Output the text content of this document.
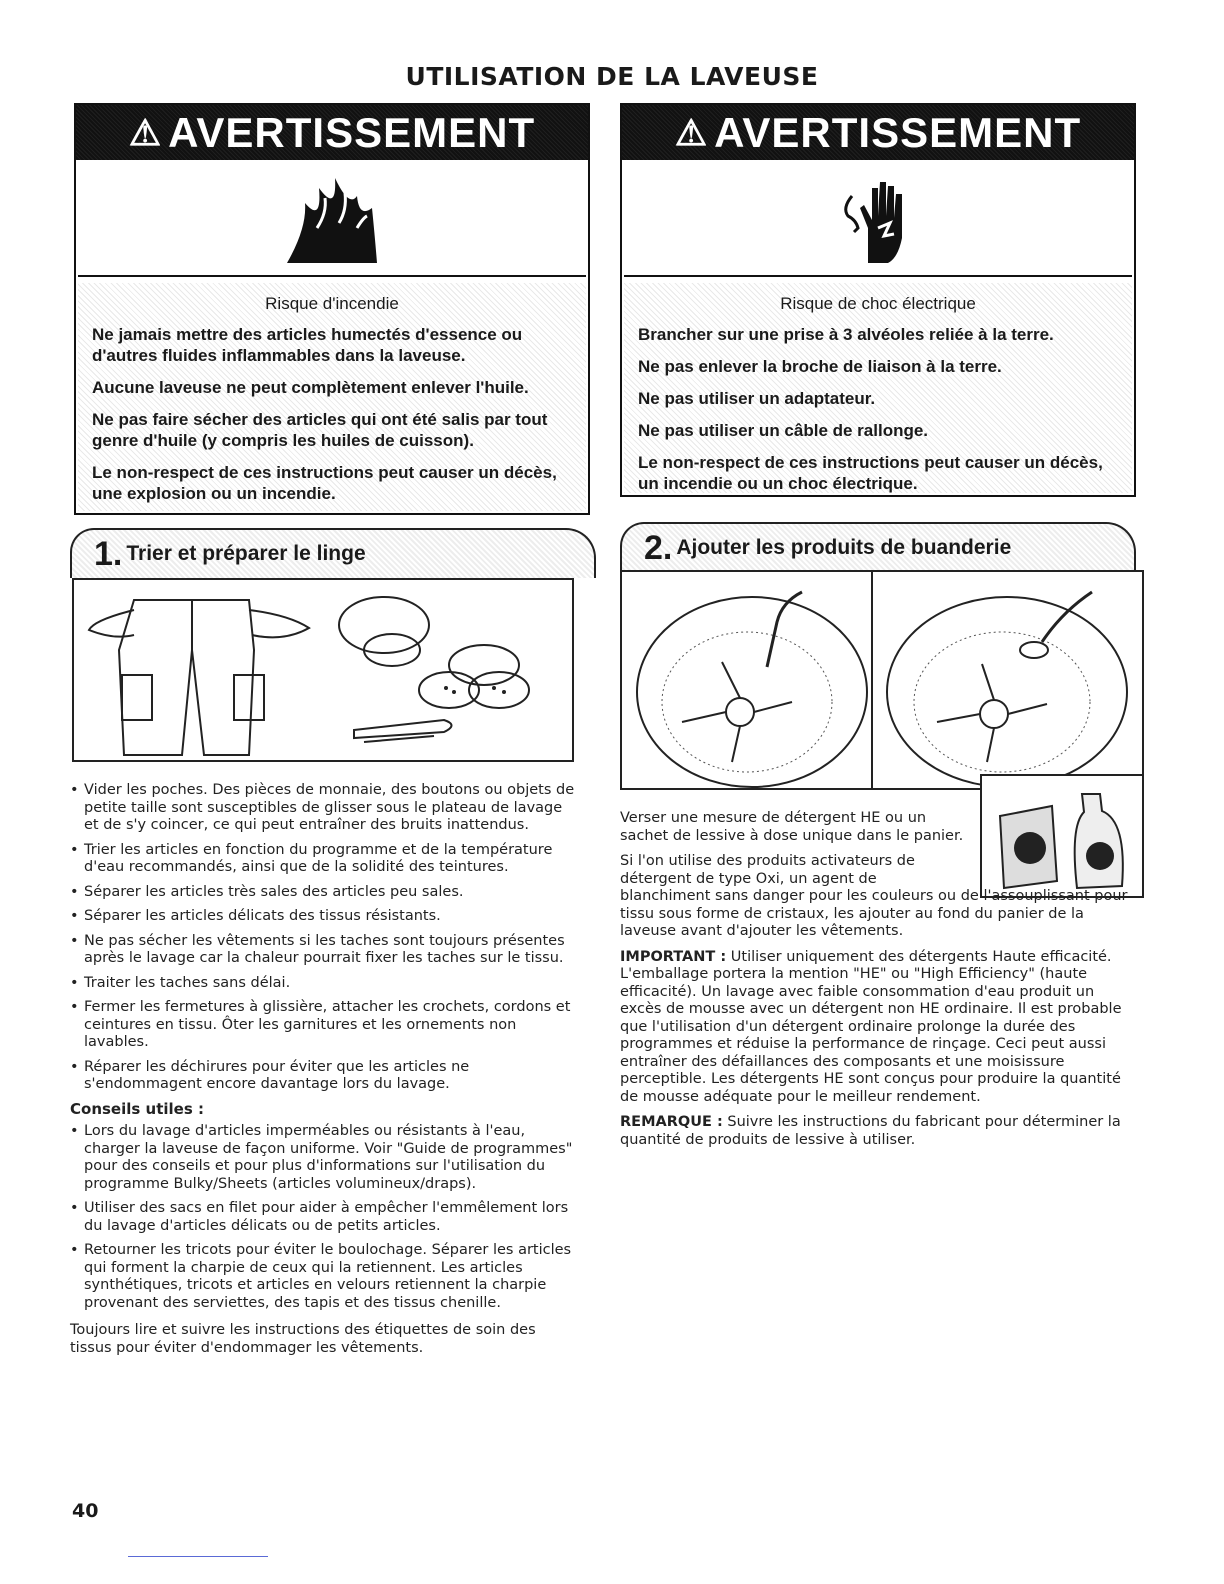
UTILISATION DE LA LAVEUSE
⚠ AVERTISSEMENT

Risque d'incendie

Ne jamais mettre des articles humectés d'essence ou d'autres fluides inflammables dans la laveuse.

Aucune laveuse ne peut complètement enlever l'huile.

Ne pas faire sécher des articles qui ont été salis par tout genre d'huile (y compris les huiles de cuisson).

Le non-respect de ces instructions peut causer un décès, une explosion ou un incendie.

⚠ AVERTISSEMENT

Risque de choc électrique

Brancher sur une prise à 3 alvéoles reliée à la terre.

Ne pas enlever la broche de liaison à la terre.

Ne pas utiliser un adaptateur.

Ne pas utiliser un câble de rallonge.

Le non-respect de ces instructions peut causer un décès, un incendie ou un choc électrique.

1. Trier et préparer le linge
• Vider les poches. Des pièces de monnaie, des boutons ou objets de petite taille sont susceptibles de glisser sous le plateau de lavage et de s'y coincer, ce qui peut entraîner des bruits inattendus.
• Trier les articles en fonction du programme et de la température d'eau recommandés, ainsi que de la solidité des teintures.
• Séparer les articles très sales des articles peu sales.
• Séparer les articles délicats des tissus résistants.
• Ne pas sécher les vêtements si les taches sont toujours présentes après le lavage car la chaleur pourrait fixer les taches sur le tissu.
• Traiter les taches sans délai.
• Fermer les fermetures à glissière, attacher les crochets, cordons et ceintures en tissu. Ôter les garnitures et les ornements non lavables.
• Réparer les déchirures pour éviter que les articles ne s'endommagent encore davantage lors du lavage.
Conseils utiles :
• Lors du lavage d'articles imperméables ou résistants à l'eau, charger la laveuse de façon uniforme. Voir "Guide de programmes" pour des conseils et pour plus d'informations sur l'utilisation du programme Bulky/Sheets (articles volumineux/draps).
• Utiliser des sacs en filet pour aider à empêcher l'emmêlement lors du lavage d'articles délicats ou de petits articles.
• Retourner les tricots pour éviter le boulochage. Séparer les articles qui forment la charpie de ceux qui la retiennent. Les articles synthétiques, tricots et articles en velours retiennent la charpie provenant des serviettes, des tapis et des tissus chenille.
Toujours lire et suivre les instructions des étiquettes de soin des tissus pour éviter d'endommager les vêtements.
2. Ajouter les produits de buanderie

Verser une mesure de détergent HE ou un sachet de lessive à dose unique dans le panier.

Si l'on utilise des produits activateurs de détergent de type Oxi, un agent de

blanchiment sans danger pour les couleurs ou de l'assouplissant pour tissu sous forme de cristaux, les ajouter au fond du panier de la laveuse avant d'ajouter les vêtements.

IMPORTANT : Utiliser uniquement des détergents Haute efficacité. L'emballage portera la mention "HE" ou "High Efficiency" (haute efficacité). Un lavage avec faible consommation d'eau produit un excès de mousse avec un détergent non HE ordinaire. Il est probable que l'utilisation d'un détergent ordinaire prolonge la durée des programmes et réduise la performance de rinçage. Ceci peut aussi entraîner des défaillances des composants et une moisissure perceptible. Les détergents HE sont conçus pour produire la quantité de mousse adéquate pour le meilleur rendement.

REMARQUE : Suivre les instructions du fabricant pour déterminer la quantité de produits de lessive à utiliser.

40
